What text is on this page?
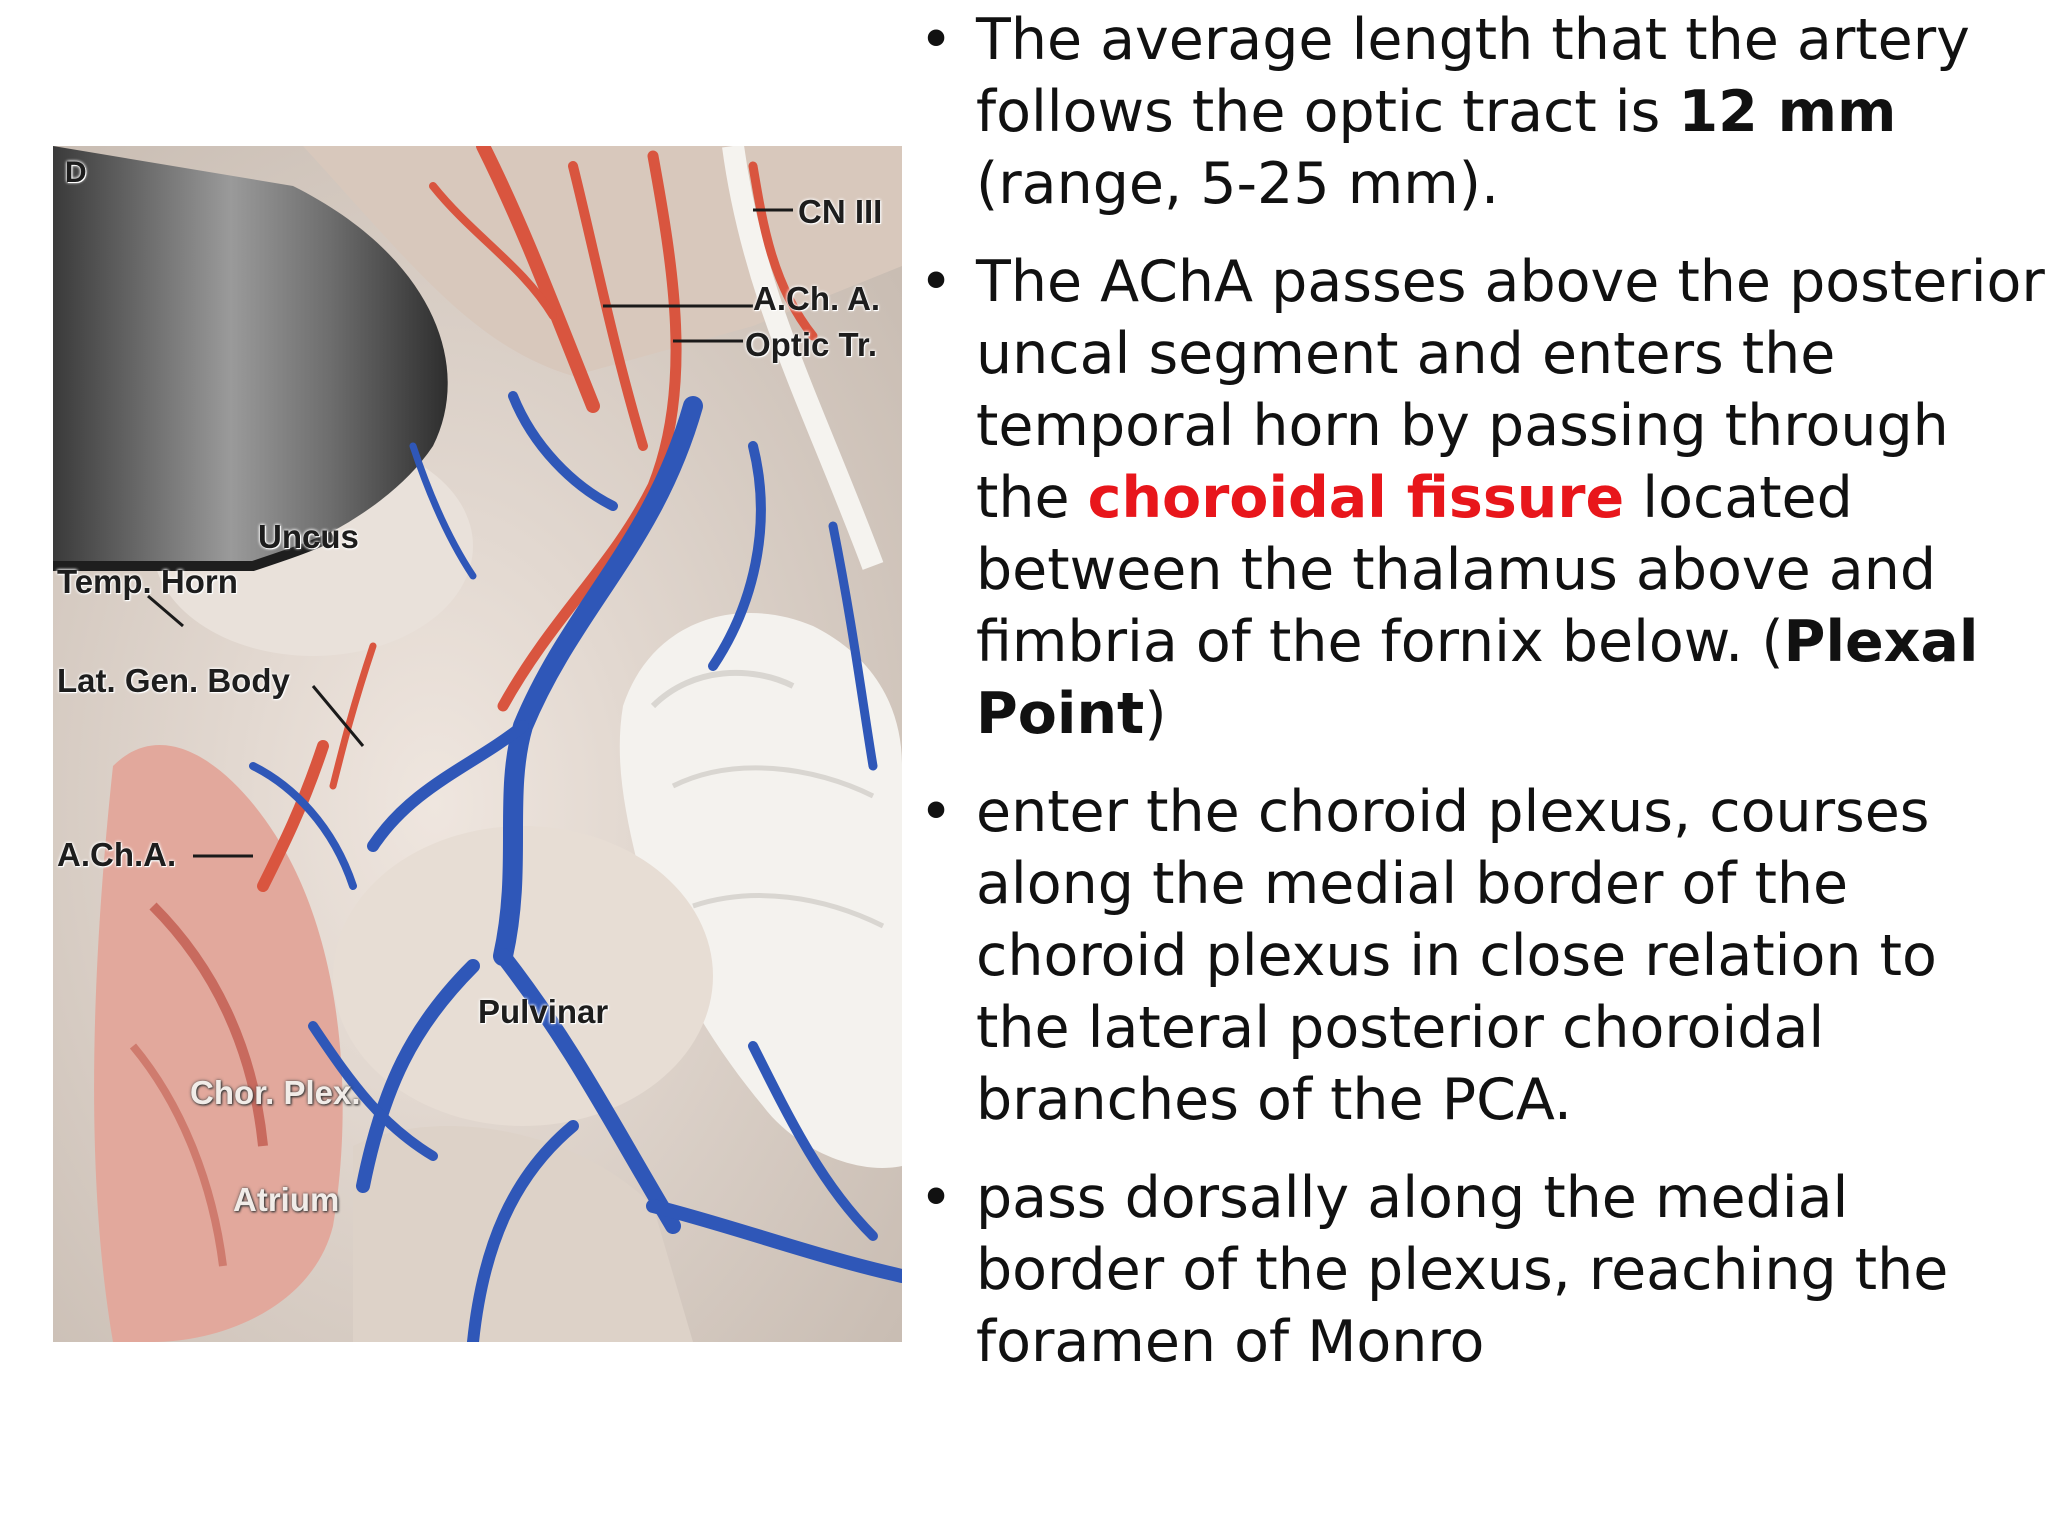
D
CN III
A.Ch. A.
Optic Tr.
Uncus
Temp. Horn
Lat. Gen. Body
A.Ch.A.
Pulvinar
Chor. Plex.
Atrium
• The average length that the artery follows the optic tract is 12 mm (range, 5-25 mm).
• The AChA passes above the posterior uncal segment and enters the temporal horn by passing through the choroidal fissure located between the thalamus above and fimbria of the fornix below. (Plexal Point)
• enter the choroid plexus, courses along the medial border of the choroid plexus in close relation to the lateral posterior choroidal branches of the PCA.
• pass dorsally along the medial border of the plexus, reaching the foramen of Monro
